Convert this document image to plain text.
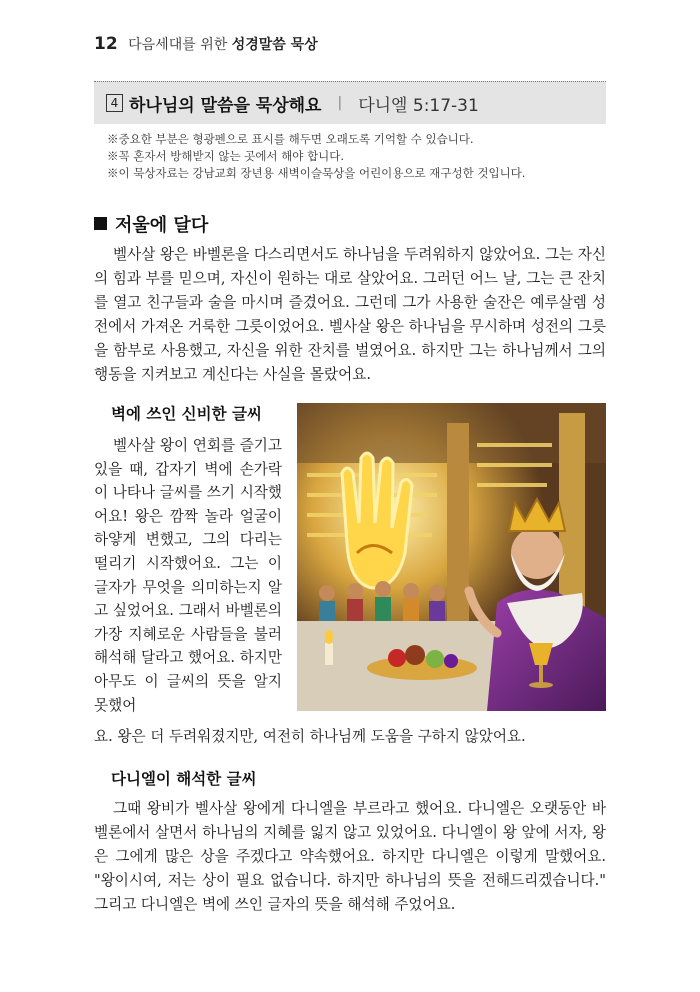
12 다음세대를 위한 성경말씀 묵상
4 하나님의 말씀을 묵상해요 | 다니엘 5:17-31
※중요한 부분은 형광펜으로 표시를 해두면 오래도록 기억할 수 있습니다.
※꼭 혼자서 방해받지 않는 곳에서 해야 합니다.
※이 묵상자료는 강남교회 장년용 새벽이슬묵상을 어린이용으로 재구성한 것입니다.
저울에 달다
벨사살 왕은 바벨론을 다스리면서도 하나님을 두려워하지 않았어요. 그는 자신의 힘과 부를 믿으며, 자신이 원하는 대로 살았어요. 그러던 어느 날, 그는 큰 잔치를 열고 친구들과 술을 마시며 즐겼어요. 그런데 그가 사용한 술잔은 예루살렘 성전에서 가져온 거룩한 그릇이었어요. 벨사살 왕은 하나님을 무시하며 성전의 그릇을 함부로 사용했고, 자신을 위한 잔치를 벌였어요. 하지만 그는 하나님께서 그의 행동을 지켜보고 계신다는 사실을 몰랐어요.
벽에 쓰인 신비한 글씨
벨사살 왕이 연회를 즐기고 있을 때, 갑자기 벽에 손가락이 나타나 글씨를 쓰기 시작했어요! 왕은 깜짝 놀라 얼굴이 하얗게 변했고, 그의 다리는 떨리기 시작했어요. 그는 이 글자가 무엇을 의미하는지 알고 싶었어요. 그래서 바벨론의 가장 지혜로운 사람들을 불러 해석해 달라고 했어요. 하지만 아무도 이 글씨의 뜻을 알지 못했어
요. 왕은 더 두려워졌지만, 여전히 하나님께 도움을 구하지 않았어요.
다니엘이 해석한 글씨
그때 왕비가 벨사살 왕에게 다니엘을 부르라고 했어요. 다니엘은 오랫동안 바벨론에서 살면서 하나님의 지혜를 잃지 않고 있었어요. 다니엘이 왕 앞에 서자, 왕은 그에게 많은 상을 주겠다고 약속했어요. 하지만 다니엘은 이렇게 말했어요. "왕이시여, 저는 상이 필요 없습니다. 하지만 하나님의 뜻을 전해드리겠습니다." 그리고 다니엘은 벽에 쓰인 글자의 뜻을 해석해 주었어요.
